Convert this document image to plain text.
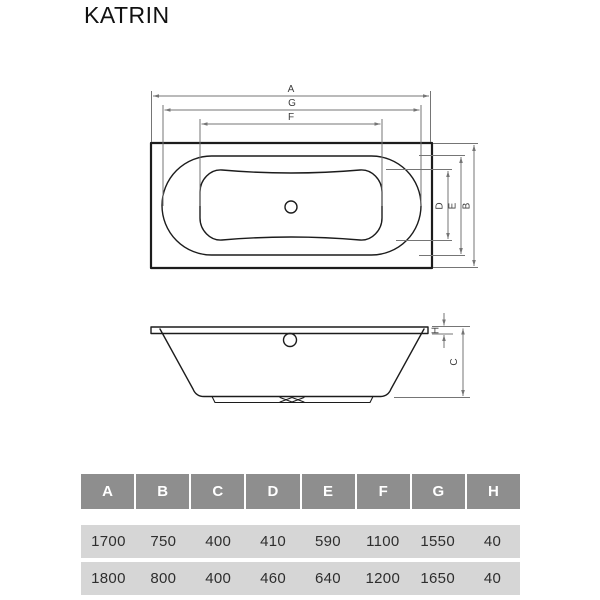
KATRIN
A
G
F
B
E
D
H
C
A	B	C	D	E	F	G	H
1700	750	400	410	590	1100	1550	40
1800	800	400	460	640	1200	1650	40
